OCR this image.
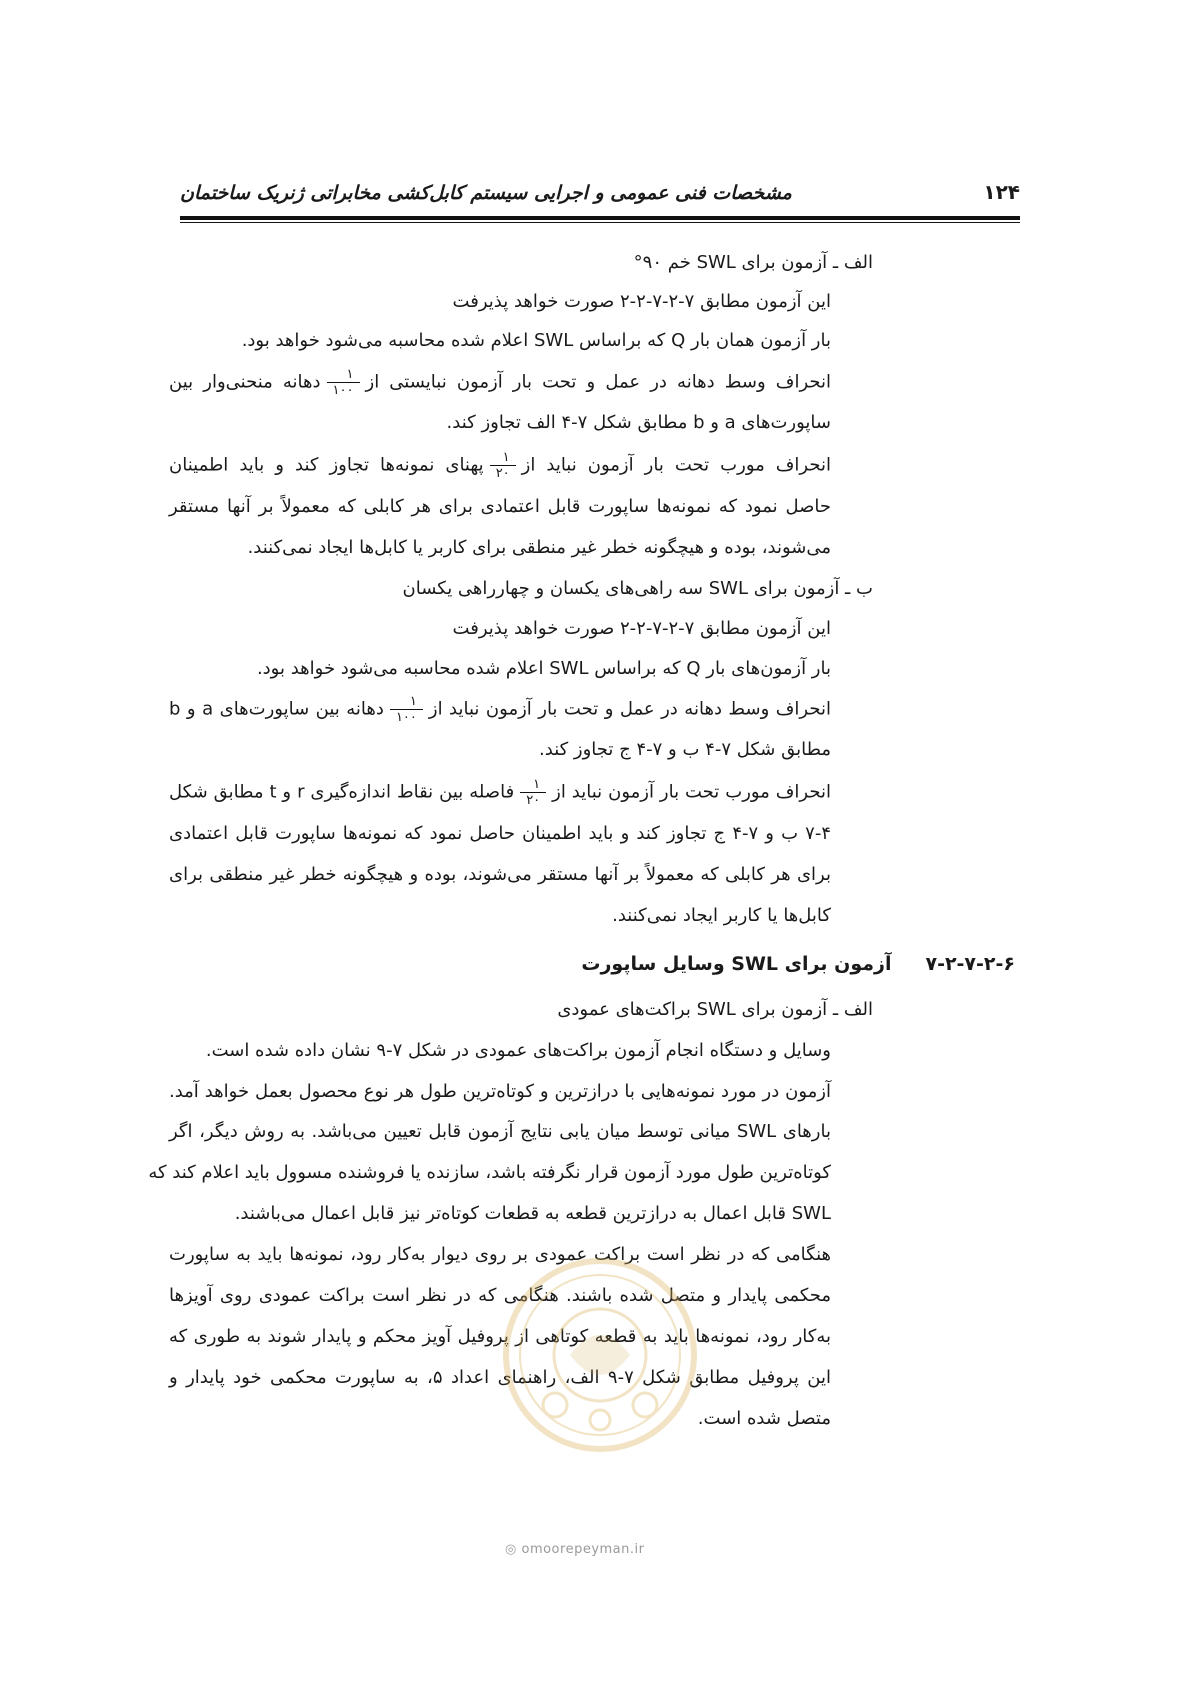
۱۲۴
مشخصات فنی عمومی و اجرایی سیستم کابل‌کشی مخابراتی ژنریک ساختمان
الف ـ آزمون برای SWL خم ۹۰°
این آزمون مطابق ۷-۲-۷-۲-۲ صورت خواهد پذیرفت
بار آزمون همان بار Q که براساس SWL اعلام شده محاسبه می‌شود خواهد بود.
انحراف وسط دهانه در عمل و تحت بار آزمون نبایستی از
$\frac{۱}{۱۰۰}$
دهانه منحنی‌وار بین
ساپورت‌های a و b مطابق شکل ۷-۴ الف تجاوز کند.
انحراف مورب تحت بار آزمون نباید از
$\frac{۱}{۲۰}$
پهنای نمونه‌ها تجاوز کند و باید اطمینان
حاصل نمود که نمونه‌ها ساپورت قابل اعتمادی برای هر کابلی که معمولاً بر آنها مستقر
می‌شوند، بوده و هیچگونه خطر غیر منطقی برای کاربر یا کابل‌ها ایجاد نمی‌کنند.
ب ـ آزمون برای SWL سه راهی‌های یکسان و چهارراهی یکسان
این آزمون مطابق ۷-۲-۷-۲-۲ صورت خواهد پذیرفت
بار آزمون‌های بار Q که براساس SWL اعلام شده محاسبه می‌شود خواهد بود.
انحراف وسط دهانه در عمل و تحت بار آزمون نباید از
$\frac{۱}{۱۰۰}$
دهانه بین ساپورت‌های a و b
مطابق شکل ۷-۴ ب و ۷-۴ ج تجاوز کند.
انحراف مورب تحت بار آزمون نباید از
$\frac{۱}{۲۰}$
فاصله بین نقاط اندازه‌گیری r و t مطابق شکل
۷-۴ ب و ۷-۴ ج تجاوز کند و باید اطمینان حاصل نمود که نمونه‌ها ساپورت قابل اعتمادی
برای هر کابلی که معمولاً بر آنها مستقر می‌شوند، بوده و هیچگونه خطر غیر منطقی برای
کابل‌ها یا کاربر ایجاد نمی‌کنند.
۷-۲-۷-۲-۶آزمون برای SWL وسایل ساپورت
الف ـ آزمون برای SWL براکت‌های عمودی
وسایل و دستگاه انجام آزمون براکت‌های عمودی در شکل ۷-۹ نشان داده شده است.
آزمون در مورد نمونه‌هایی با درازترین و کوتاه‌ترین طول هر نوع محصول بعمل خواهد آمد.
بارهای SWL میانی توسط میان یابی نتایج آزمون قابل تعیین می‌باشد. به روش دیگر، اگر
کوتاه‌ترین طول مورد آزمون قرار نگرفته باشد، سازنده یا فروشنده مسوول باید اعلام کند که
SWL قابل اعمال به درازترین قطعه به قطعات کوتاه‌تر نیز قابل اعمال می‌باشند.
هنگامی که در نظر است براکت عمودی بر روی دیوار به‌کار رود، نمونه‌ها باید به ساپورت
محکمی پایدار و متصل شده باشند. هنگامی که در نظر است براکت عمودی روی آویزها
به‌کار رود، نمونه‌ها باید به قطعه کوتاهی از پروفیل آویز محکم و پایدار شوند به طوری که
این پروفیل مطابق شکل ۷-۹ الف، راهنمای اعداد ۵، به ساپورت محکمی خود پایدار و
متصل شده است.
◎ omoorepeyman.ir
